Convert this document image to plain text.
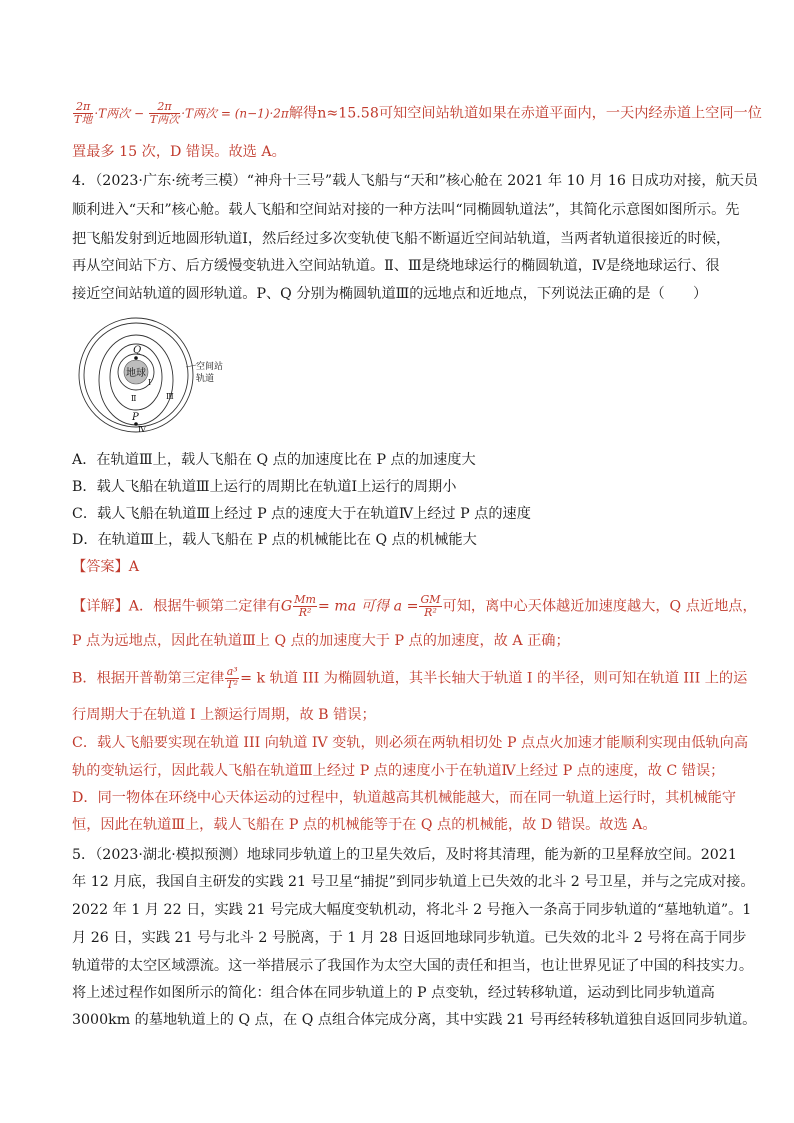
$\frac{2\pi}{\text{T地}} \cdot T$两次 − $\frac{2\pi}{\text{T两次}} \cdot T$两次 = (n−1)·2π解得n≈15.58可知空间站轨道如果在赤道平面内，一天内经赤道上空同一位
置最多 15 次，D 错误。故选 A。
4．（2023·广东·统考三模）“神舟十三号”载人飞船与“天和”核心舱在 2021 年 10 月 16 日成功对接，航天员
顺利进入“天和”核心舱。载人飞船和空间站对接的一种方法叫“同椭圆轨道法”，其简化示意图如图所示。先
把飞船发射到近地圆形轨道Ⅰ，然后经过多次变轨使飞船不断逼近空间站轨道，当两者轨道很接近的时候，
再从空间站下方、后方缓慢变轨进入空间站轨道。Ⅱ、Ⅲ是绕地球运行的椭圆轨道，Ⅳ是绕地球运行、很
接近空间站轨道的圆形轨道。P、Q 分别为椭圆轨道Ⅲ的远地点和近地点，下列说法正确的是（　　）
地球
Q
P
Ⅰ
Ⅱ	Ⅲ
Ⅳ
空间站
轨道
A．在轨道Ⅲ上，载人飞船在 Q 点的加速度比在 P 点的加速度大
B．载人飞船在轨道Ⅲ上运行的周期比在轨道Ⅰ上运行的周期小
C．载人飞船在轨道Ⅲ上经过 P 点的速度大于在轨道Ⅳ上经过 P 点的速度
D．在轨道Ⅲ上，载人飞船在 P 点的机械能比在 Q 点的机械能大
【答案】A
【详解】A．根据牛顿第二定律有G $\frac{Mm}{\text{R²}}$ = ma 可得 $a = \frac{GM}{\text{R²}}$ 可知，离中心天体越近加速度越大，Q 点近地点，
P 点为远地点，因此在轨道Ⅲ上 Q 点的加速度大于 P 点的加速度，故 A 正确；
B．根据开普勒第三定律 $\frac{\text{a³}}{\text{T²}} = k$ 轨道 III 为椭圆轨道，其半长轴大于轨道 I 的半径，则可知在轨道 III 上的运
行周期大于在轨道 I 上额运行周期，故 B 错误；
C．载人飞船要实现在轨道 III 向轨道 IV 变轨，则必须在两轨相切处 P 点点火加速才能顺利实现由低轨向高
轨的变轨运行，因此载人飞船在轨道Ⅲ上经过 P 点的速度小于在轨道Ⅳ上经过 P 点的速度，故 C 错误；
D．同一物体在环绕中心天体运动的过程中，轨道越高其机械能越大，而在同一轨道上运行时，其机械能守
恒，因此在轨道Ⅲ上，载人飞船在 P 点的机械能等于在 Q 点的机械能，故 D 错误。故选 A。
5．（2023·湖北·模拟预测）地球同步轨道上的卫星失效后，及时将其清理，能为新的卫星释放空间。2021
年 12 月底，我国自主研发的实践 21 号卫星“捕捉”到同步轨道上已失效的北斗 2 号卫星，并与之完成对接。
2022 年 1 月 22 日，实践 21 号完成大幅度变轨机动，将北斗 2 号拖入一条高于同步轨道的“墓地轨道”。1
月 26 日，实践 21 号与北斗 2 号脱离，于 1 月 28 日返回地球同步轨道。已失效的北斗 2 号将在高于同步
轨道带的太空区域漂流。这一举措展示了我国作为太空大国的责任和担当，也让世界见证了中国的科技实力。
将上述过程作如图所示的简化：组合体在同步轨道上的 P 点变轨，经过转移轨道，运动到比同步轨道高
3000km 的墓地轨道上的 Q 点，在 Q 点组合体完成分离，其中实践 21 号再经转移轨道独自返回同步轨道。
